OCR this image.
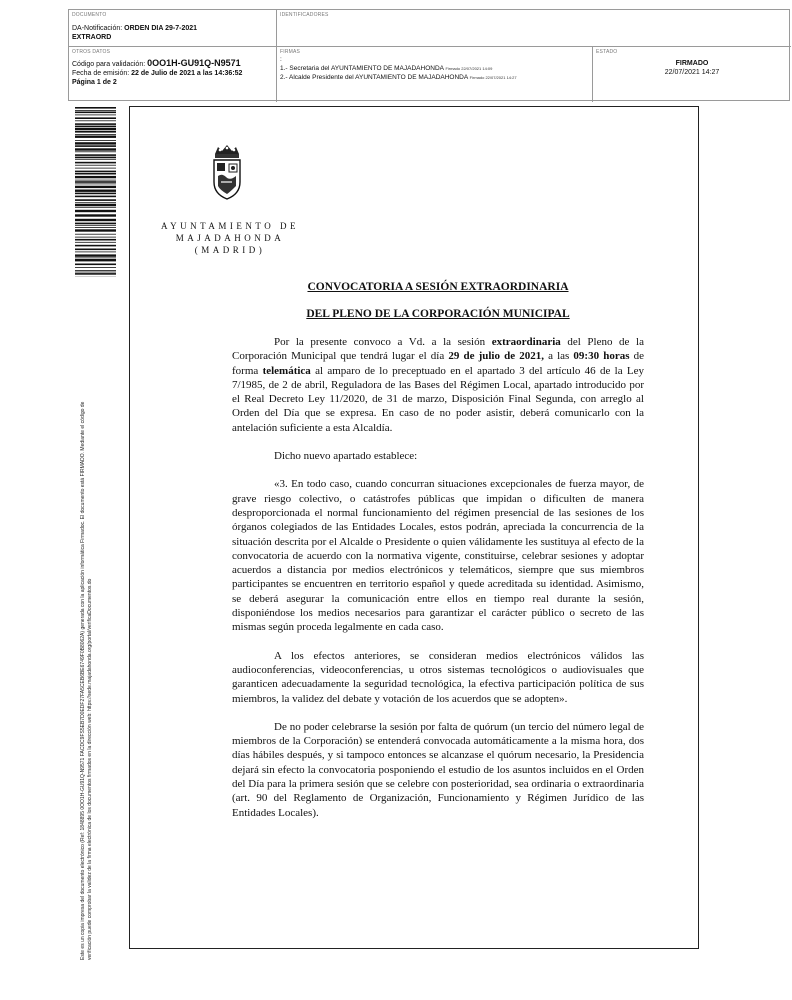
DOCUMENTO
DA-Notificación: ORDEN DIA 29-7-2021
EXTRAORD
IDENTIFICADORES
OTROS DATOS
Código para validación: 0OO1H-GU91Q-N9571
Fecha de emisión: 22 de Julio de 2021 a las 14:36:52
Página 1 de 2
FIRMAS
:
1.- Secretaria del AYUNTAMIENTO DE MAJADAHONDA Firmado 22/07/2021 14:09
2.- Alcalde Presidente del AYUNTAMIENTO DE MAJADAHONDA Firmado 22/07/2021 14:27
ESTADO
FIRMADO
22/07/2021 14:27
Este es un copia impresa del documento electrónico (Ref: 1848895 0OO1H-GU91Q-N9571 FACDC9FS5EB7D0EDF27FA5CEB6BE6749F0B8062A) generada con la aplicación informática Firmadoc. El documento está FIRMADO. Mediante el código de verificación puede comprobar la validez de la firma electrónica de los documentos firmados en la dirección web: https://sede.majadahonda.org/portal/verificaDocumentos.do
AYUNTAMIENTO DE
MAJADAHONDA
(MADRID)
CONVOCATORIA A SESIÓN EXTRAORDINARIA
DEL PLENO DE LA CORPORACIÓN MUNICIPAL

Por la presente convoco a Vd. a la sesión extraordinaria del Pleno de la Corporación Municipal que tendrá lugar el día 29 de julio de 2021, a las 09:30 horas de forma telemática al amparo de lo preceptuado en el apartado 3 del artículo 46 de la Ley 7/1985, de 2 de abril, Reguladora de las Bases del Régimen Local, apartado introducido por el Real Decreto Ley 11/2020, de 31 de marzo, Disposición Final Segunda, con arreglo al Orden del Día que se expresa. En caso de no poder asistir, deberá comunicarlo con la antelación suficiente a esta Alcaldía.

Dicho nuevo apartado establece:

«3. En todo caso, cuando concurran situaciones excepcionales de fuerza mayor, de grave riesgo colectivo, o catástrofes públicas que impidan o dificulten de manera desproporcionada el normal funcionamiento del régimen presencial de las sesiones de los órganos colegiados de las Entidades Locales, estos podrán, apreciada la concurrencia de la situación descrita por el Alcalde o Presidente o quien válidamente les sustituya al efecto de la convocatoria de acuerdo con la normativa vigente, constituirse, celebrar sesiones y adoptar acuerdos a distancia por medios electrónicos y telemáticos, siempre que sus miembros participantes se encuentren en territorio español y quede acreditada su identidad. Asimismo, se deberá asegurar la comunicación entre ellos en tiempo real durante la sesión, disponiéndose los medios necesarios para garantizar el carácter público o secreto de las mismas según proceda legalmente en cada caso.

A los efectos anteriores, se consideran medios electrónicos válidos las audioconferencias, videoconferencias, u otros sistemas tecnológicos o audiovisuales que garanticen adecuadamente la seguridad tecnológica, la efectiva participación política de sus miembros, la validez del debate y votación de los acuerdos que se adopten».

De no poder celebrarse la sesión por falta de quórum (un tercio del número legal de miembros de la Corporación) se entenderá convocada automáticamente a la misma hora, dos días hábiles después, y si tampoco entonces se alcanzase el quórum necesario, la Presidencia dejará sin efecto la convocatoria posponiendo el estudio de los asuntos incluidos en el Orden del Día para la primera sesión que se celebre con posterioridad, sea ordinaria o extraordinaria (art. 90 del Reglamento de Organización, Funcionamiento y Régimen Jurídico de las Entidades Locales).
